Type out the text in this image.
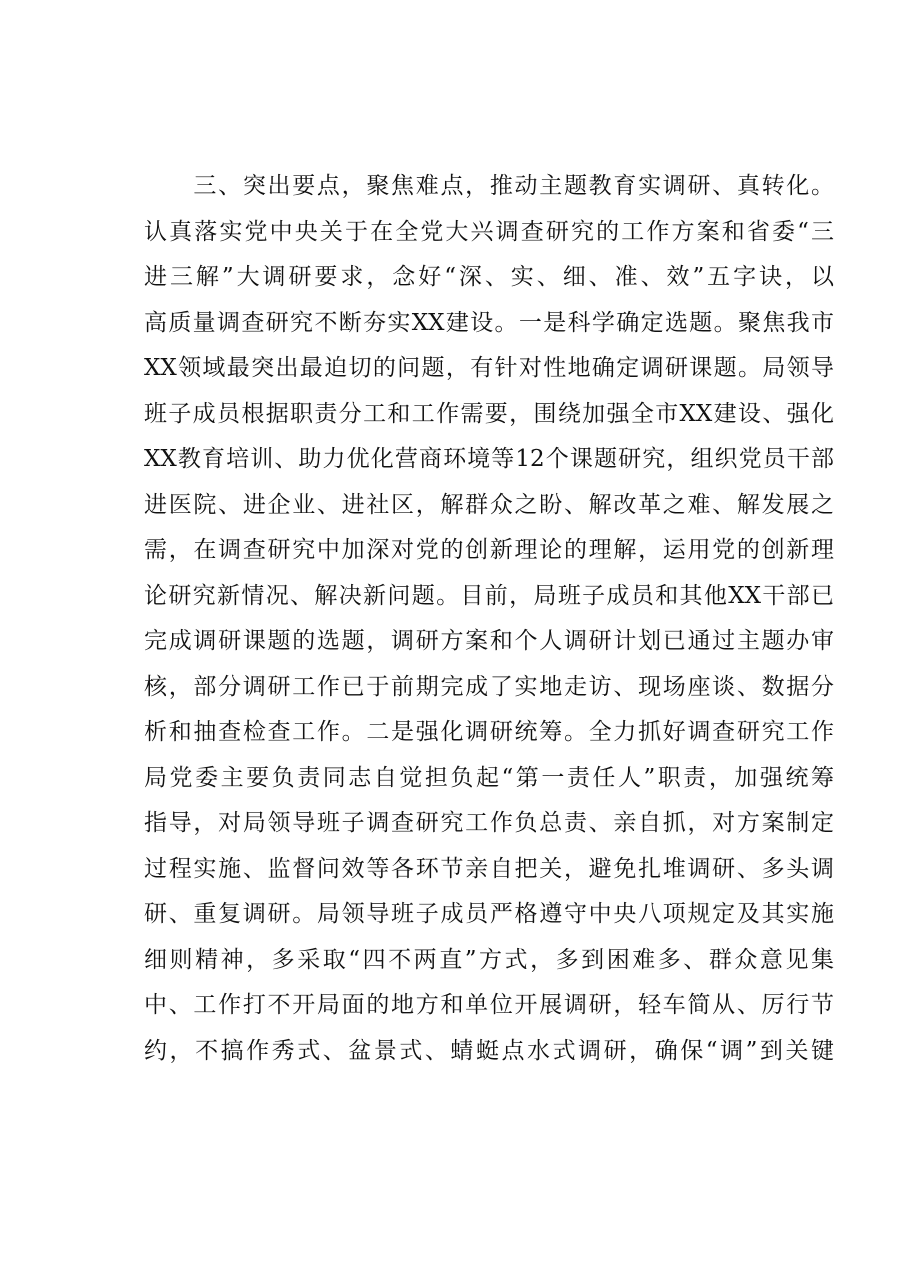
　　三、突出要点，聚焦难点，推动主题教育实调研、真转化。
认真落实党中央关于在全党大兴调查研究的工作方案和省委“三
进三解”大调研要求，念好“深、实、细、准、效”五字诀，以
高质量调查研究不断夯实XX建设。一是科学确定选题。聚焦我市
XX领域最突出最迫切的问题，有针对性地确定调研课题。局领导
班子成员根据职责分工和工作需要，围绕加强全市XX建设、强化
XX教育培训、助力优化营商环境等12个课题研究，组织党员干部
进医院、进企业、进社区，解群众之盼、解改革之难、解发展之
需，在调查研究中加深对党的创新理论的理解，运用党的创新理
论研究新情况、解决新问题。目前，局班子成员和其他XX干部已
完成调研课题的选题，调研方案和个人调研计划已通过主题办审
核，部分调研工作已于前期完成了实地走访、现场座谈、数据分
析和抽查检查工作。二是强化调研统筹。全力抓好调查研究工作
局党委主要负责同志自觉担负起“第一责任人”职责，加强统筹
指导，对局领导班子调查研究工作负总责、亲自抓，对方案制定
过程实施、监督问效等各环节亲自把关，避免扎堆调研、多头调
研、重复调研。局领导班子成员严格遵守中央八项规定及其实施
细则精神，多采取“四不两直”方式，多到困难多、群众意见集
中、工作打不开局面的地方和单位开展调研，轻车简从、厉行节
约，不搞作秀式、盆景式、蜻蜓点水式调研，确保“调”到关键
